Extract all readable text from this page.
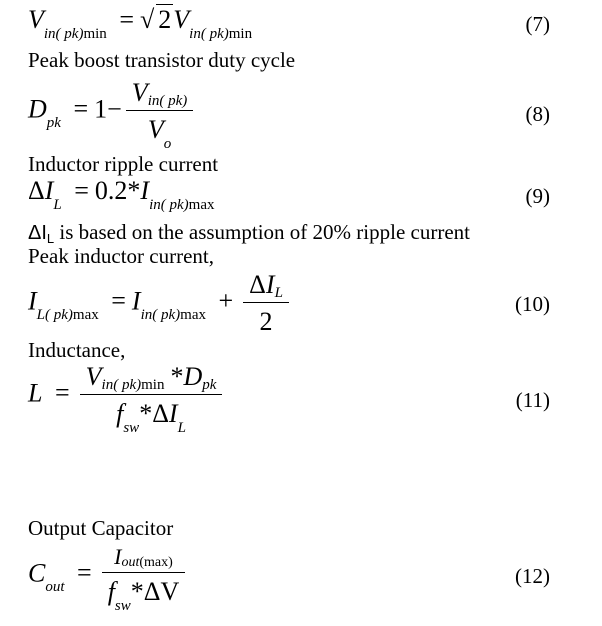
$V_{in( pk)min}$ = √ $2V_{in( pk)min}$	(7)
Peak boost transistor duty cycle
$D_{pk} = 1- \frac{\text{Vin( pk)}}{V_o}$	(8)
Inductor ripple current
$\Delta I_L = 0.2*I_{in( pk)max}$	(9)
ΔIL is based on the assumption of 20% ripple current
Peak inductor current,
$I_{L( pk)max} = I_{in( pk)max} + \frac{\text{ΔIL}}{2}$	(10)
Inductance,
$L = \frac{\text{Vin( pk)min *Dpk}}{f_{sw}*\Delta I_L}$	(11)
Output Capacitor
$C_{out} = \frac{\text{Iout(max)}}{f_{sw}*\Delta V}$	(12)
